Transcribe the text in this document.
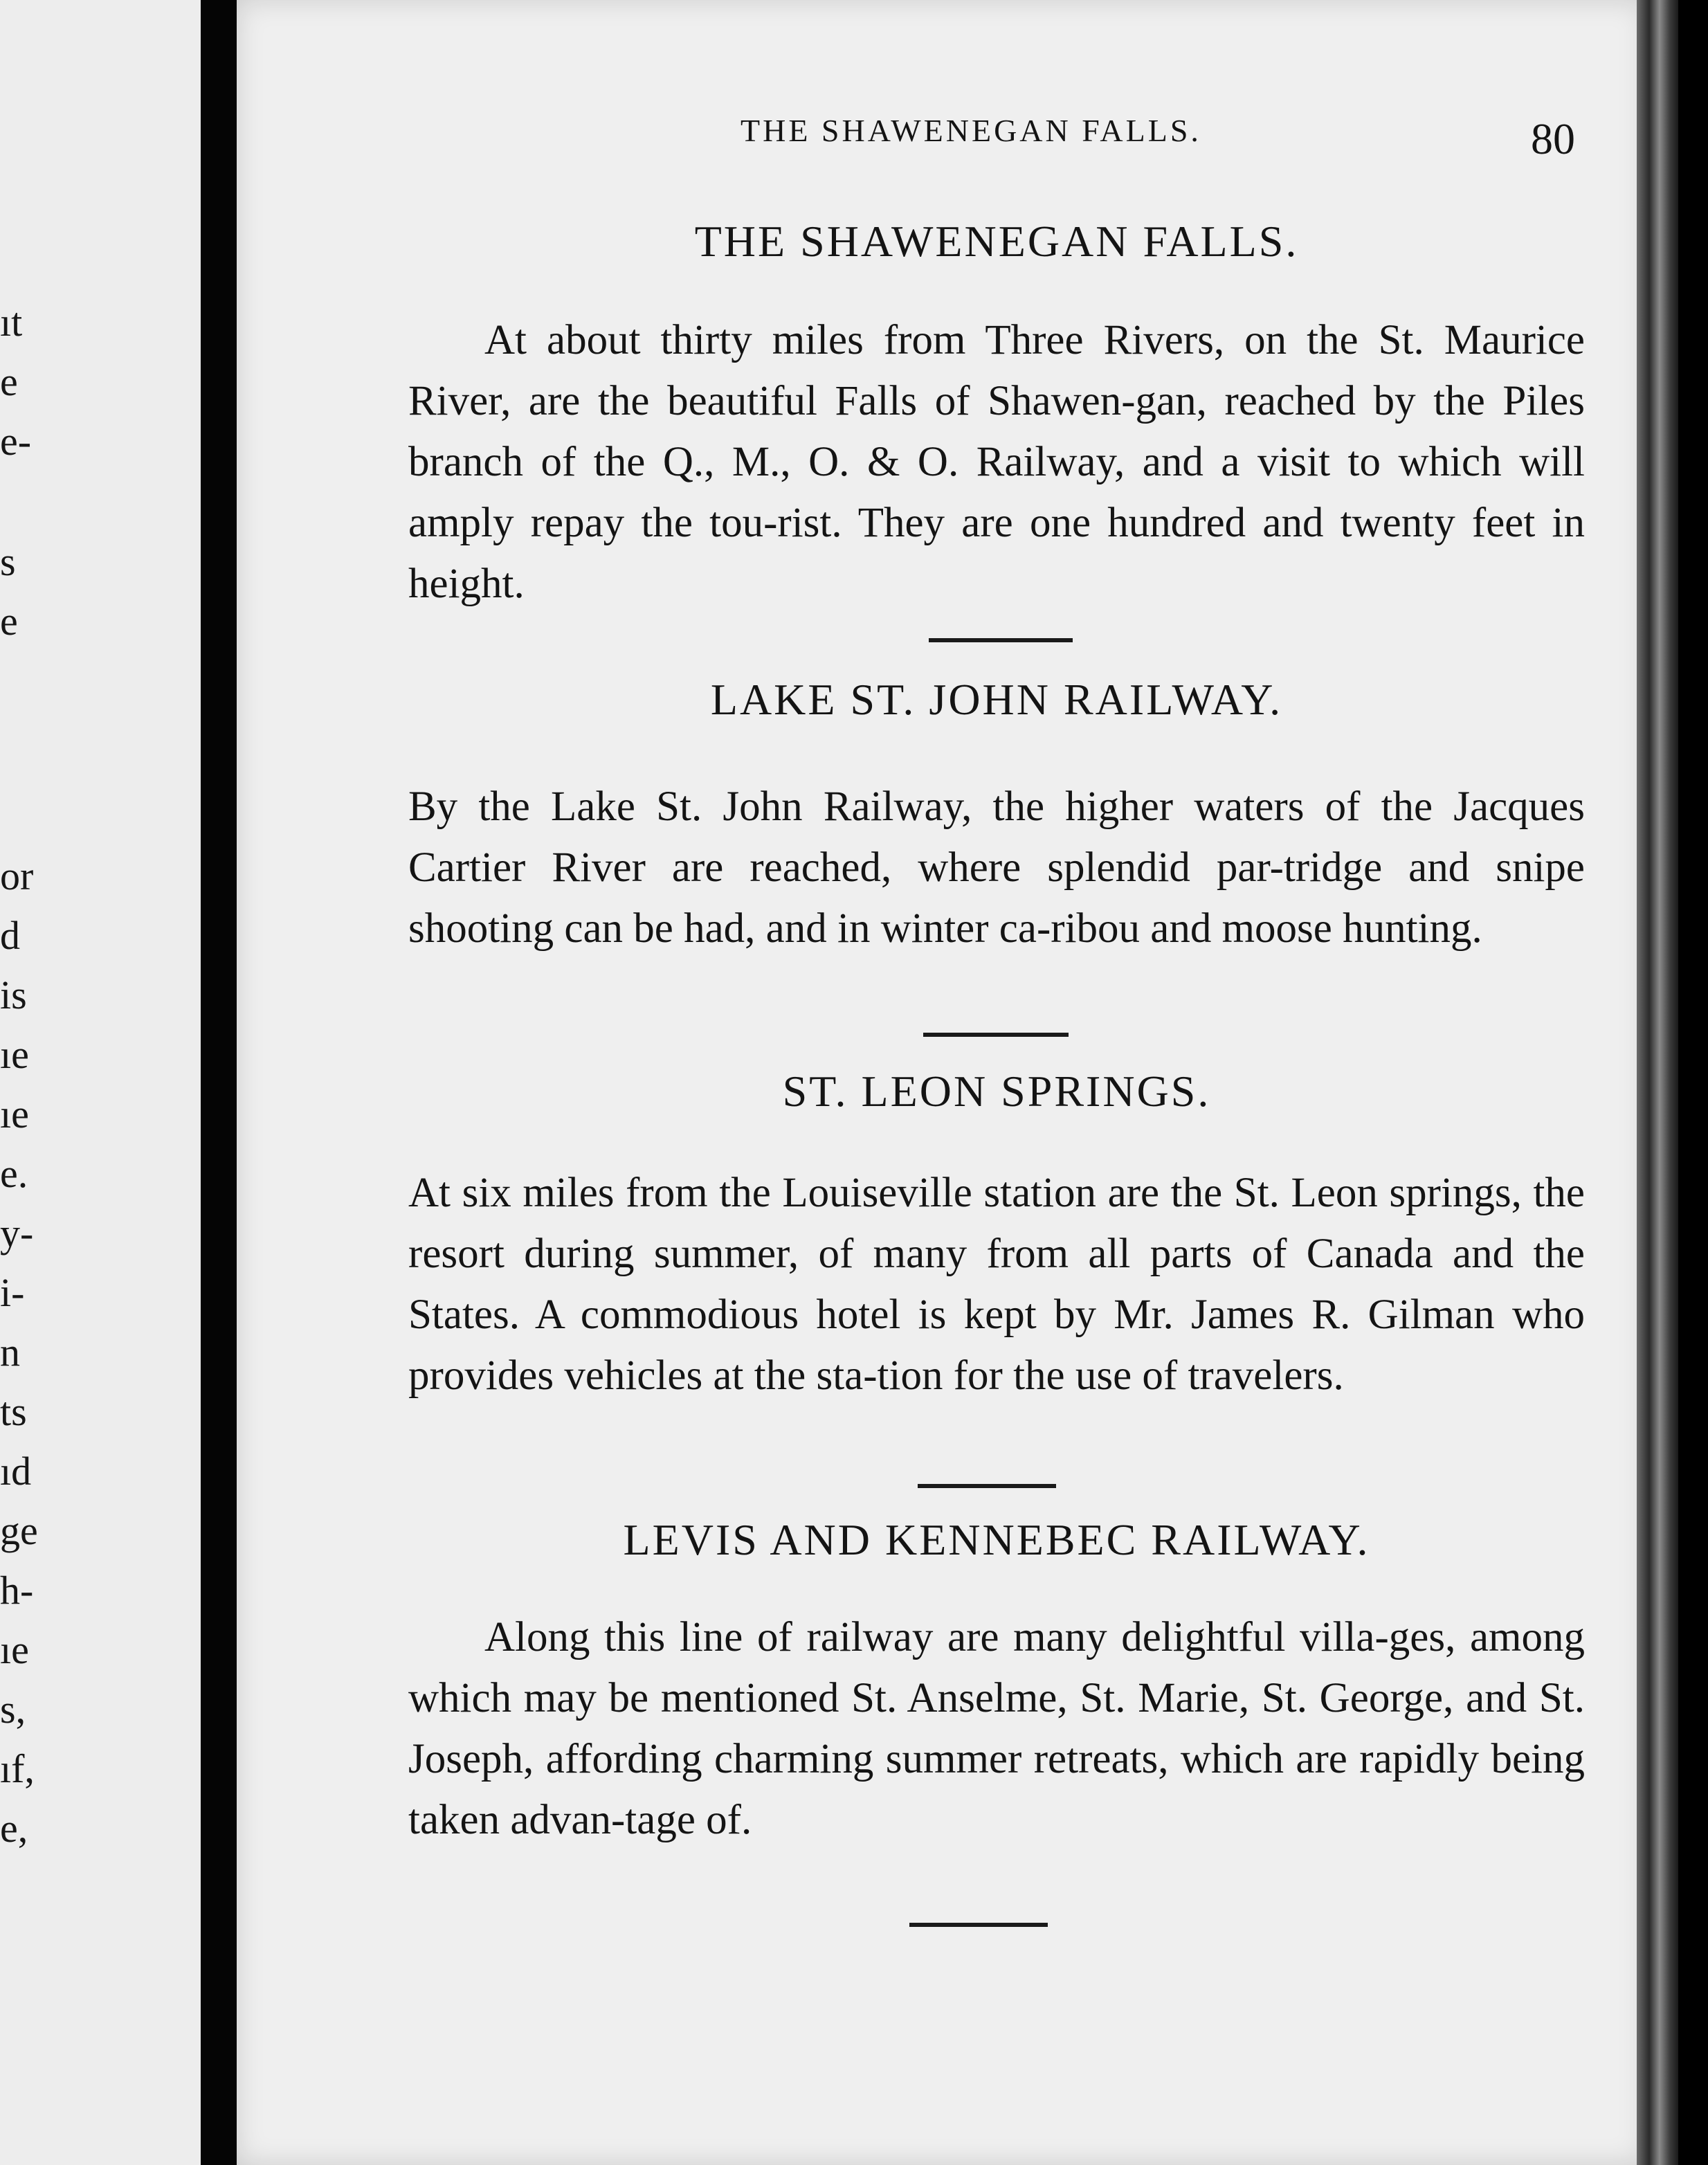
ıt
e
e-
s
e
or
d
is
ıe
ıe
e.
y-
i-
n
ts
ıd
ge
h-
ıe
s,
ıf,
e,
THE SHAWENEGAN FALLS.	80
THE SHAWENEGAN FALLS.
At about thirty miles from Three Rivers, on the St. Maurice River, are the beautiful Falls of Shawen-gan, reached by the Piles branch of the Q., M., O. & O. Railway, and a visit to which will amply repay the tou-rist. They are one hundred and twenty feet in height.
LAKE ST. JOHN RAILWAY.
By the Lake St. John Railway, the higher waters of the Jacques Cartier River are reached, where splendid par-tridge and snipe shooting can be had, and in winter ca-ribou and moose hunting.
ST. LEON SPRINGS.
At six miles from the Louiseville station are the St. Leon springs, the resort during summer, of many from all parts of Canada and the States. A commodious hotel is kept by Mr. James R. Gilman who provides vehicles at the sta-tion for the use of travelers.
LEVIS AND KENNEBEC RAILWAY.
Along this line of railway are many delightful villa-ges, among which may be mentioned St. Anselme, St. Marie, St. George, and St. Joseph, affording charming summer retreats, which are rapidly being taken advan-tage of.
